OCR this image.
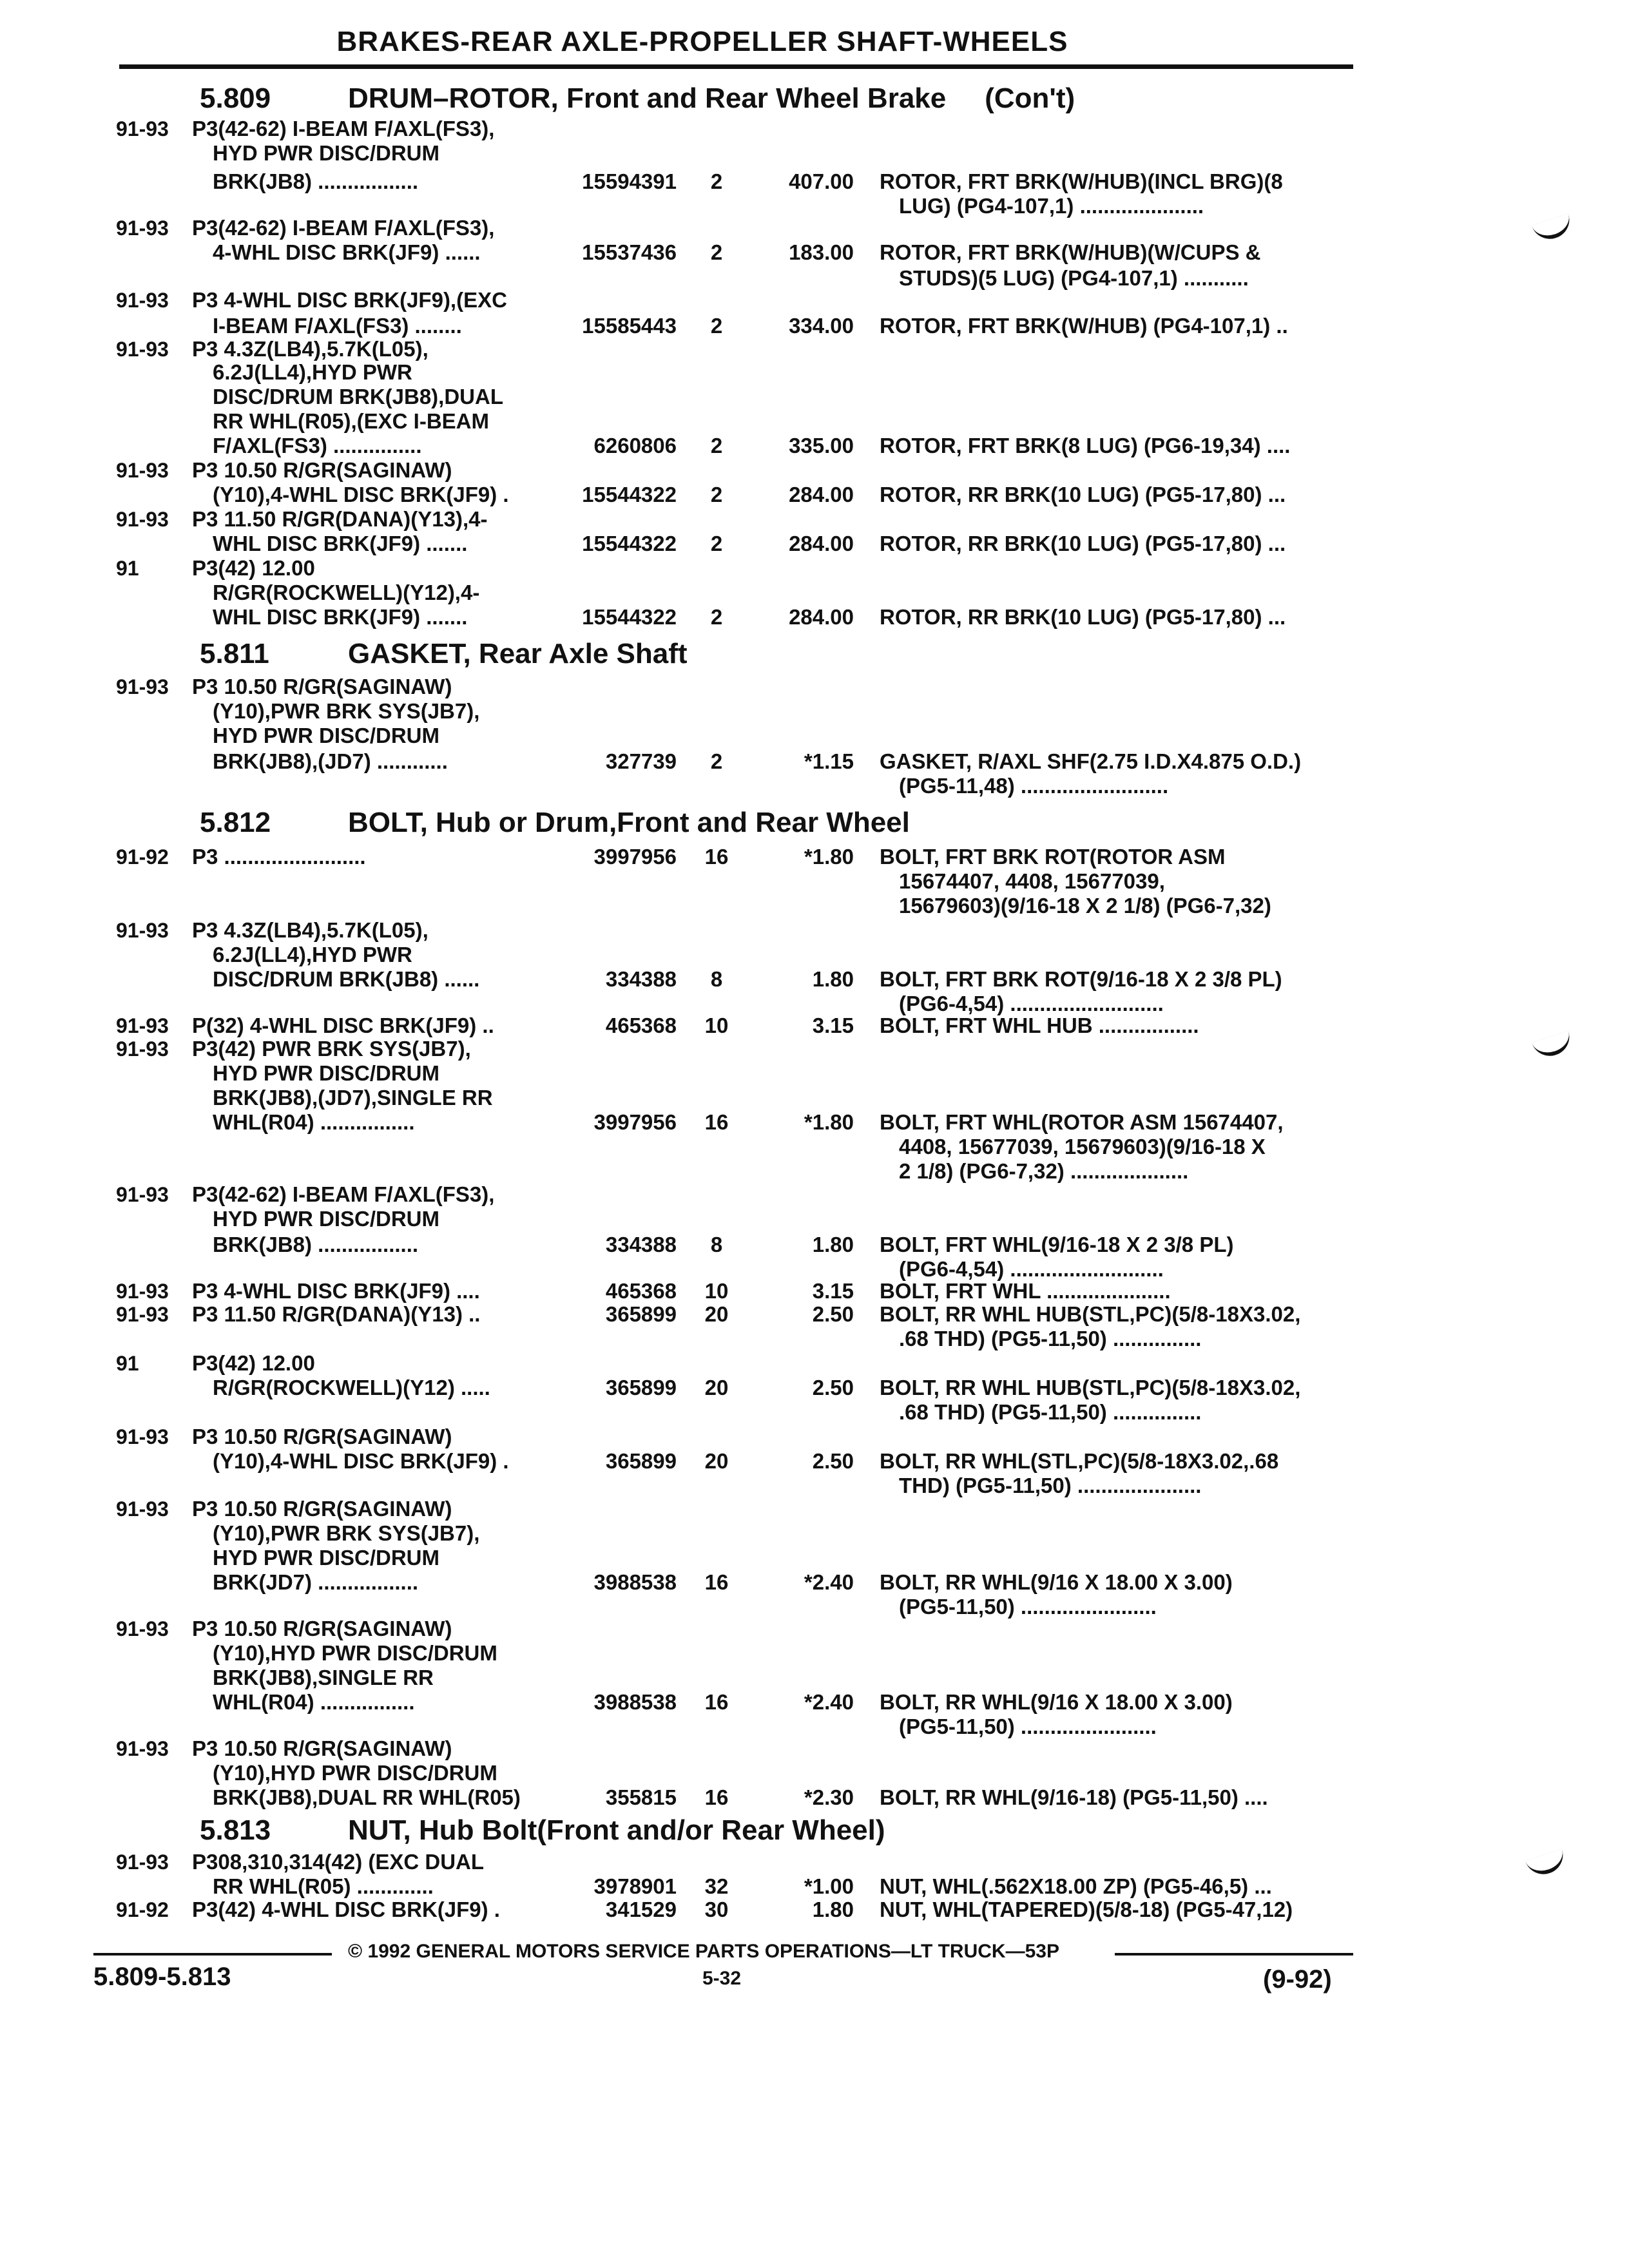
BRAKES-REAR AXLE-PROPELLER SHAFT-WHEELS
5.809	DRUM–ROTOR, Front and Rear Wheel Brake (Con't)
91-93 P3(42-62) I-BEAM F/AXL(FS3),
HYD PWR DISC/DRUM
BRK(JB8) .................	15594391	2	407.00 ROTOR, FRT BRK(W/HUB)(INCL BRG)(8
LUG) (PG4-107,1) .....................
91-93 P3(42-62) I-BEAM F/AXL(FS3),
4-WHL DISC BRK(JF9) ......	15537436	2	183.00 ROTOR, FRT BRK(W/HUB)(W/CUPS &
STUDS)(5 LUG) (PG4-107,1) ...........
91-93 P3 4-WHL DISC BRK(JF9),(EXC
I-BEAM F/AXL(FS3) ........	15585443	2	334.00 ROTOR, FRT BRK(W/HUB) (PG4-107,1) ..
91-93 P3 4.3Z(LB4),5.7K(L05),
6.2J(LL4),HYD PWR
DISC/DRUM BRK(JB8),DUAL
RR WHL(R05),(EXC I-BEAM
F/AXL(FS3) ...............	6260806	2	335.00 ROTOR, FRT BRK(8 LUG) (PG6-19,34) ....
91-93 P3 10.50 R/GR(SAGINAW)
(Y10),4-WHL DISC BRK(JF9) .	15544322	2	284.00 ROTOR, RR BRK(10 LUG) (PG5-17,80) ...
91-93 P3 11.50 R/GR(DANA)(Y13),4-
WHL DISC BRK(JF9) .......	15544322	2	284.00 ROTOR, RR BRK(10 LUG) (PG5-17,80) ...
91 P3(42) 12.00
R/GR(ROCKWELL)(Y12),4-
WHL DISC BRK(JF9) .......	15544322	2	284.00 ROTOR, RR BRK(10 LUG) (PG5-17,80) ...
5.811	GASKET, Rear Axle Shaft
91-93 P3 10.50 R/GR(SAGINAW)
(Y10),PWR BRK SYS(JB7),
HYD PWR DISC/DRUM
BRK(JB8),(JD7) ............	327739	2	*1.15 GASKET, R/AXL SHF(2.75 I.D.X4.875 O.D.)
(PG5-11,48) .........................
5.812	BOLT, Hub or Drum,Front and Rear Wheel
91-92 P3 ........................	3997956	16	*1.80 BOLT, FRT BRK ROT(ROTOR ASM
15674407, 4408, 15677039,
15679603)(9/16-18 X 2 1/8) (PG6-7,32)
91-93 P3 4.3Z(LB4),5.7K(L05),
6.2J(LL4),HYD PWR
DISC/DRUM BRK(JB8) ......	334388	8	1.80 BOLT, FRT BRK ROT(9/16-18 X 2 3/8 PL)
(PG6-4,54) ..........................
91-93 P(32) 4-WHL DISC BRK(JF9) ..	465368	10	3.15 BOLT, FRT WHL HUB .................
91-93 P3(42) PWR BRK SYS(JB7),
HYD PWR DISC/DRUM
BRK(JB8),(JD7),SINGLE RR
WHL(R04) ................	3997956	16	*1.80 BOLT, FRT WHL(ROTOR ASM 15674407,
4408, 15677039, 15679603)(9/16-18 X
2 1/8) (PG6-7,32) ....................
91-93 P3(42-62) I-BEAM F/AXL(FS3),
HYD PWR DISC/DRUM
BRK(JB8) .................	334388	8	1.80 BOLT, FRT WHL(9/16-18 X 2 3/8 PL)
(PG6-4,54) ..........................
91-93 P3 4-WHL DISC BRK(JF9) ....	465368	10	3.15 BOLT, FRT WHL .....................
91-93 P3 11.50 R/GR(DANA)(Y13) ..	365899	20	2.50 BOLT, RR WHL HUB(STL,PC)(5/8-18X3.02,
.68 THD) (PG5-11,50) ...............
91 P3(42) 12.00
R/GR(ROCKWELL)(Y12) .....	365899	20	2.50 BOLT, RR WHL HUB(STL,PC)(5/8-18X3.02,
.68 THD) (PG5-11,50) ...............
91-93 P3 10.50 R/GR(SAGINAW)
(Y10),4-WHL DISC BRK(JF9) .	365899	20	2.50 BOLT, RR WHL(STL,PC)(5/8-18X3.02,.68
THD) (PG5-11,50) .....................
91-93 P3 10.50 R/GR(SAGINAW)
(Y10),PWR BRK SYS(JB7),
HYD PWR DISC/DRUM
BRK(JD7) .................	3988538	16	*2.40 BOLT, RR WHL(9/16 X 18.00 X 3.00)
(PG5-11,50) .......................
91-93 P3 10.50 R/GR(SAGINAW)
(Y10),HYD PWR DISC/DRUM
BRK(JB8),SINGLE RR
WHL(R04) ................	3988538	16	*2.40 BOLT, RR WHL(9/16 X 18.00 X 3.00)
(PG5-11,50) .......................
91-93 P3 10.50 R/GR(SAGINAW)
(Y10),HYD PWR DISC/DRUM
BRK(JB8),DUAL RR WHL(R05)	355815	16	*2.30 BOLT, RR WHL(9/16-18) (PG5-11,50) ....
5.813	NUT, Hub Bolt(Front and/or Rear Wheel)
91-93 P308,310,314(42) (EXC DUAL
RR WHL(R05) .............	3978901	32	*1.00 NUT, WHL(.562X18.00 ZP) (PG5-46,5) ...
91-92 P3(42) 4-WHL DISC BRK(JF9) .	341529	30	1.80 NUT, WHL(TAPERED)(5/8-18) (PG5-47,12)
© 1992 GENERAL MOTORS SERVICE PARTS OPERATIONS—LT TRUCK—53P
5.809-5.813	5-32	(9-92)
